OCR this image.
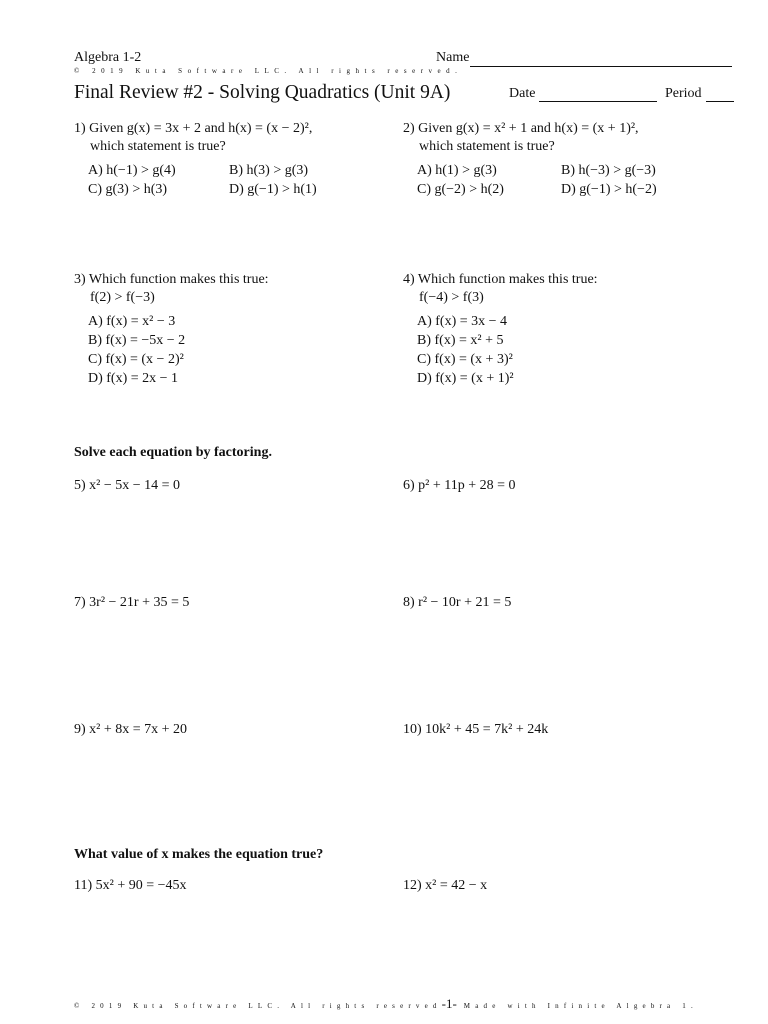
Algebra 1-2	Name
© 2019 Kuta Software LLC. All rights reserved.
Final Review #2 - Solving Quadratics (Unit 9A)	Date	Period
1) Given g(x) = 3x + 2 and h(x) = (x − 2)²,
which statement is true?
A) h(−1) > g(4)	B) h(3) > g(3)
C) g(3) > h(3)	D) g(−1) > h(1)
2) Given g(x) = x² + 1 and h(x) = (x + 1)²,
which statement is true?
A) h(1) > g(3)	B) h(−3) > g(−3)
C) g(−2) > h(2)	D) g(−1) > h(−2)
3) Which function makes this true:
f(2) > f(−3)
A) f(x) = x² − 3
B) f(x) = −5x − 2
C) f(x) = (x − 2)²
D) f(x) = 2x − 1
4) Which function makes this true:
f(−4) > f(3)
A) f(x) = 3x − 4
B) f(x) = x² + 5
C) f(x) = (x + 3)²
D) f(x) = (x + 1)²
Solve each equation by factoring.
5) x² − 5x − 14 = 0	6) p² + 11p + 28 = 0
7) 3r² − 21r + 35 = 5	8) r² − 10r + 21 = 5
9) x² + 8x = 7x + 20	10) 10k² + 45 = 7k² + 24k
What value of x makes the equation true?
11) 5x² + 90 = −45x	12) x² = 42 − x
© 2019 Kuta Software LLC. All rights reserved-1- Made with Infinite Algebra 1.
